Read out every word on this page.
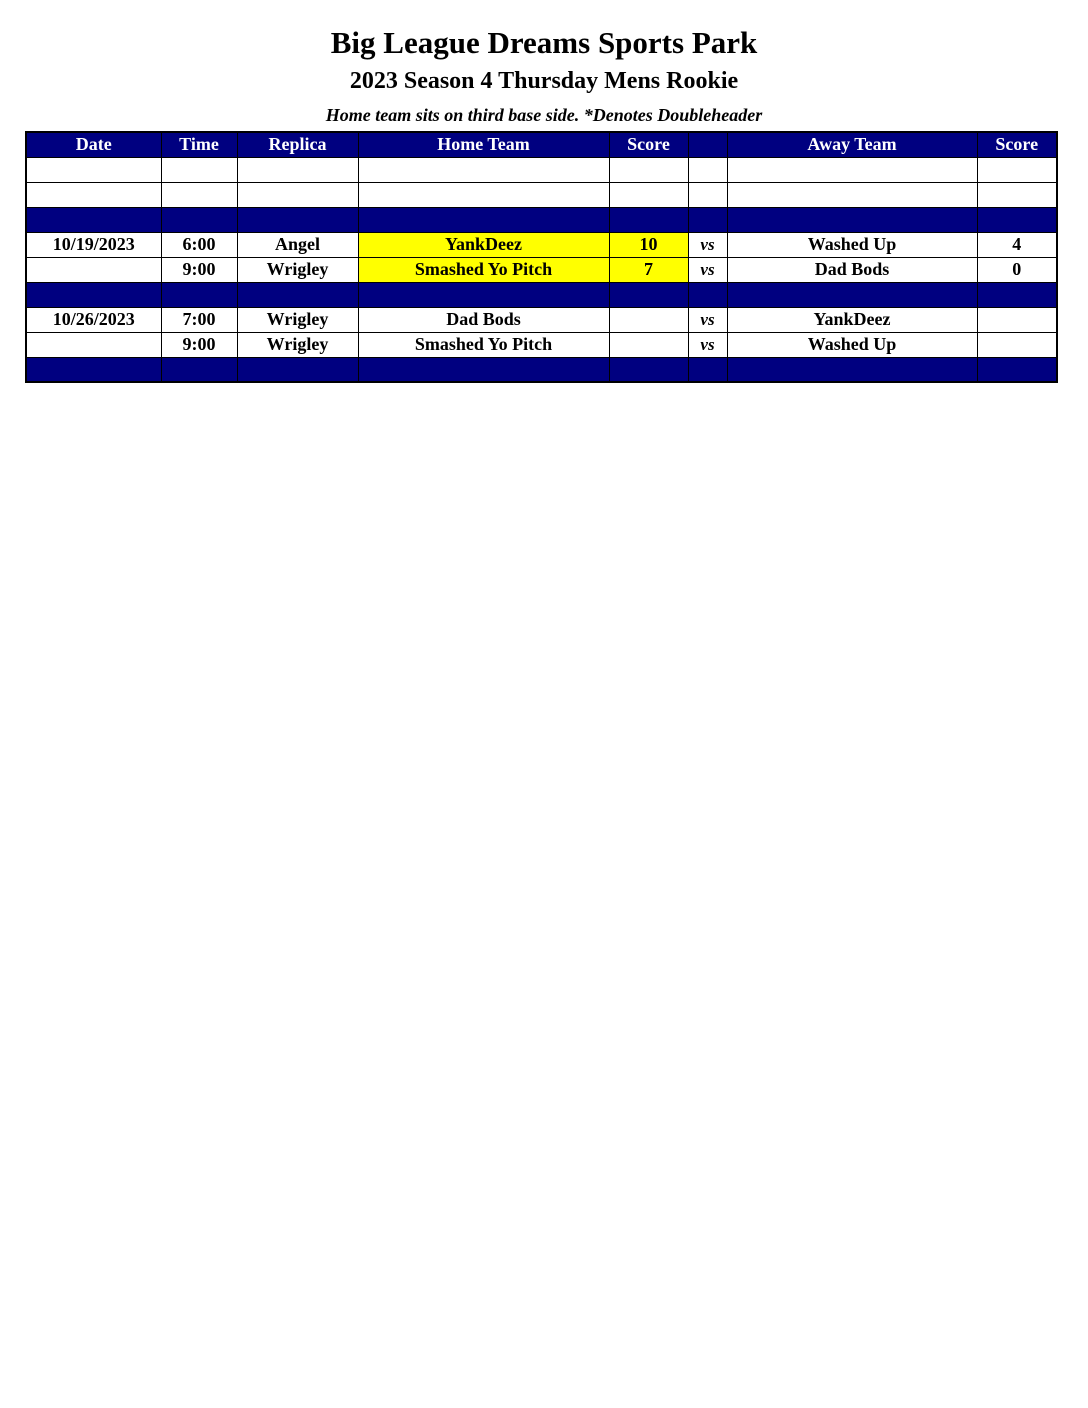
Big League Dreams Sports Park
2023 Season 4 Thursday Mens Rookie
Home team sits on third base side. *Denotes Doubleheader
Date	Time	Replica	Home Team	Score		Away Team	Score

10/19/2023	6:00	Angel	YankDeez	10	vs	Washed Up	4
	9:00	Wrigley	Smashed Yo Pitch	7	vs	Dad Bods	0

10/26/2023	7:00	Wrigley	Dad Bods		vs	YankDeez	
	9:00	Wrigley	Smashed Yo Pitch		vs	Washed Up	
